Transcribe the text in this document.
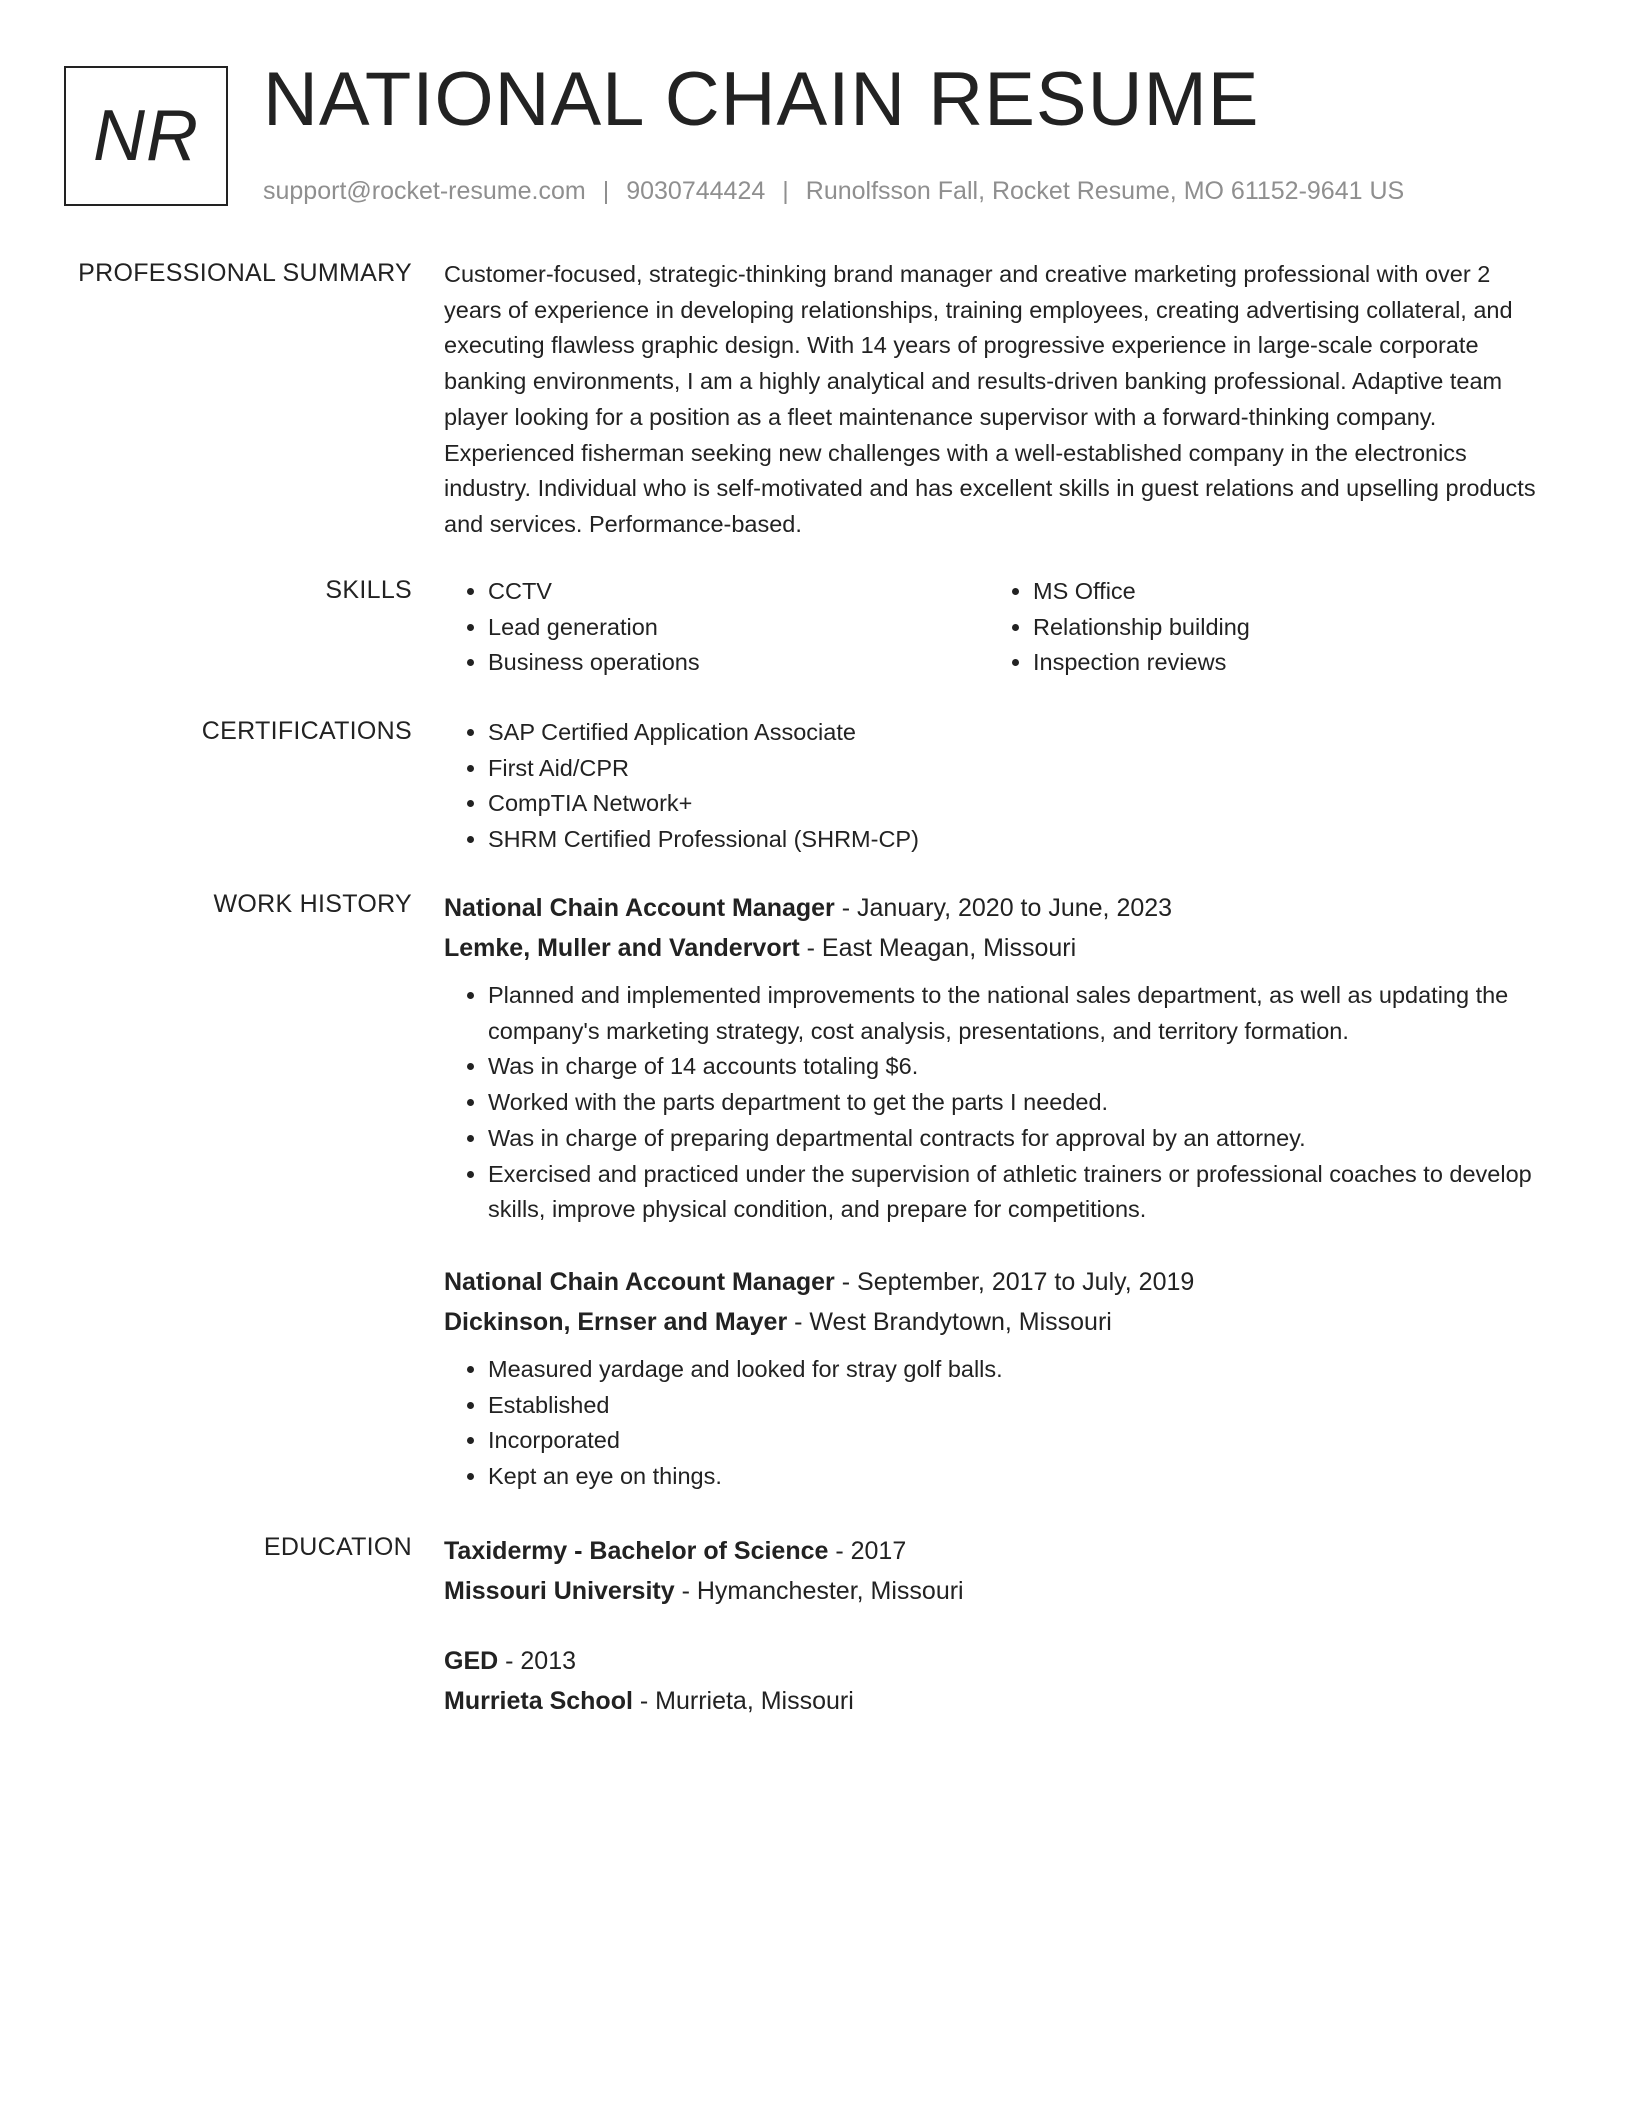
NR NATIONAL CHAIN RESUME
support@rocket-resume.com | 9030744424 | Runolfsson Fall, Rocket Resume, MO 61152-9641 US
PROFESSIONAL SUMMARY Customer-focused, strategic-thinking brand manager and creative marketing professional with over 2 years of experience in developing relationships, training employees, creating advertising collateral, and executing flawless graphic design. With 14 years of progressive experience in large-scale corporate banking environments, I am a highly analytical and results-driven banking professional. Adaptive team player looking for a position as a fleet maintenance supervisor with a forward-thinking company. Experienced fisherman seeking new challenges with a well-established company in the electronics industry. Individual who is self-motivated and has excellent skills in guest relations and upselling products and services. Performance-based.

SKILLS	• CCTV
• Lead generation
• Business operations
• MS Office
• Relationship building
• Inspection reviews
CERTIFICATIONS	• SAP Certified Application Associate
• First Aid/CPR
• CompTIA Network+
• SHRM Certified Professional (SHRM-CP)
WORK HISTORY National Chain Account Manager - January, 2020 to June, 2023
Lemke, Muller and Vandervort - East Meagan, Missouri
• Planned and implemented improvements to the national sales department, as well as updating the company's marketing strategy, cost analysis, presentations, and territory formation.
• Was in charge of 14 accounts totaling $6.
• Worked with the parts department to get the parts I needed.
• Was in charge of preparing departmental contracts for approval by an attorney.
• Exercised and practiced under the supervision of athletic trainers or professional coaches to develop skills, improve physical condition, and prepare for competitions.
National Chain Account Manager - September, 2017 to July, 2019
Dickinson, Ernser and Mayer - West Brandytown, Missouri
• Measured yardage and looked for stray golf balls.
• Established
• Incorporated
• Kept an eye on things.
EDUCATION Taxidermy - Bachelor of Science - 2017
Missouri University - Hymanchester, Missouri
GED - 2013
Murrieta School - Murrieta, Missouri
